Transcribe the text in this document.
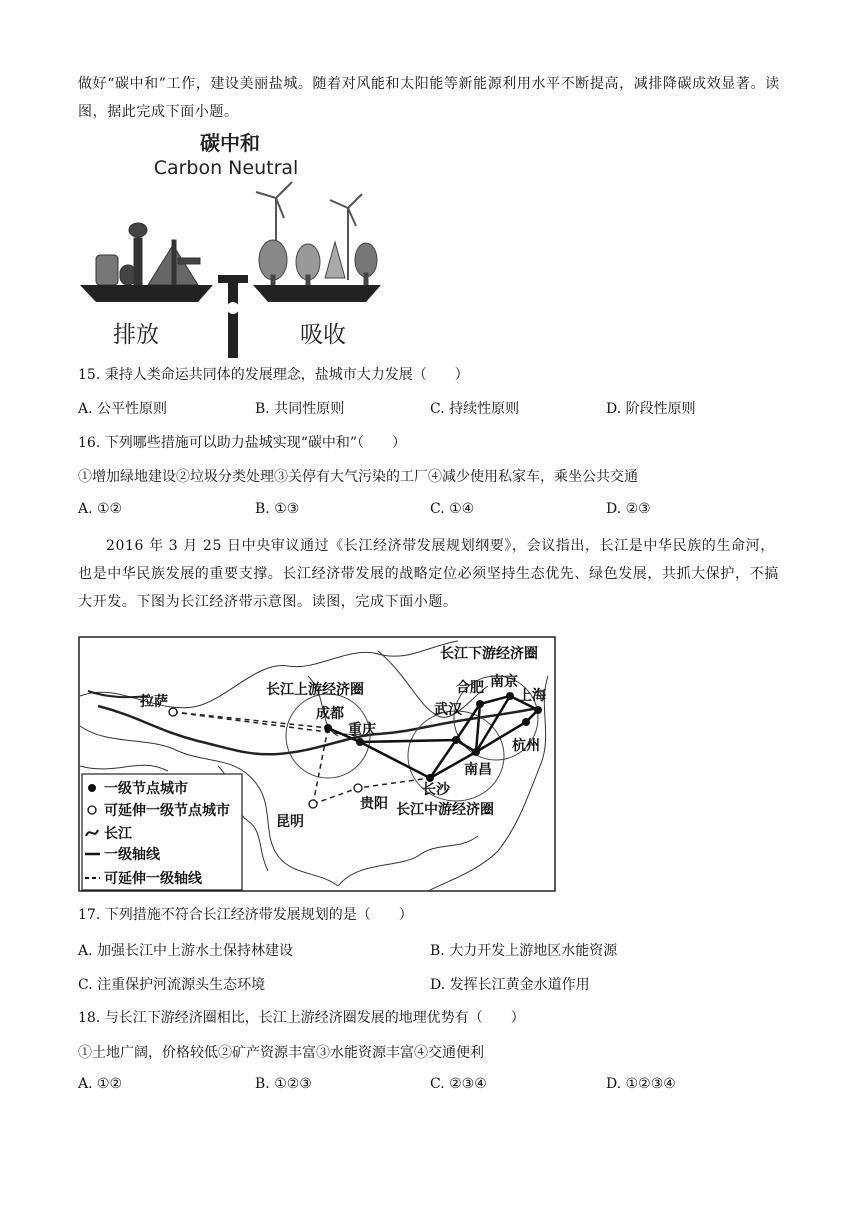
做好“碳中和”工作，建设美丽盐城。随着对风能和太阳能等新能源利用水平不断提高，减排降碳成效显著。读图，据此完成下面小题。
碳中和
Carbon Neutral
排放	吸收
15. 秉持人类命运共同体的发展理念，盐城市大力发展（　　）
A. 公平性原则	B. 共同性原则	C. 持续性原则	D. 阶段性原则
16. 下列哪些措施可以助力盐城实现“碳中和”（　　）
①增加绿地建设②垃圾分类处理③关停有大气污染的工厂④减少使用私家车，乘坐公共交通
A. ①②	B. ①③	C. ①④	D. ②③
2016 年 3 月 25 日中央审议通过《长江经济带发展规划纲要》，会议指出，长江是中华民族的生命河，也是中华民族发展的重要支撑。长江经济带发展的战略定位必须坚持生态优先、绿色发展，共抓大保护，不搞大开发。下图为长江经济带示意图。读图，完成下面小题。
长江下游经济圈
长江上游经济圈
长江中游经济圈
成都
重庆
武汉
合肥 南京
上海
杭州
长沙
南昌
拉萨
昆明
贵阳
一级节点城市
可延伸一级节点城市
长江
一级轴线
可延伸一级轴线
17. 下列措施不符合长江经济带发展规划的是（　　）
A. 加强长江中上游水土保持林建设	B. 大力开发上游地区水能资源
C. 注重保护河流源头生态环境	D. 发挥长江黄金水道作用
18. 与长江下游经济圈相比，长江上游经济圈发展的地理优势有（　　）
①土地广阔，价格较低②矿产资源丰富③水能资源丰富④交通便利
A. ①②	B. ①②③	C. ②③④	D. ①②③④
